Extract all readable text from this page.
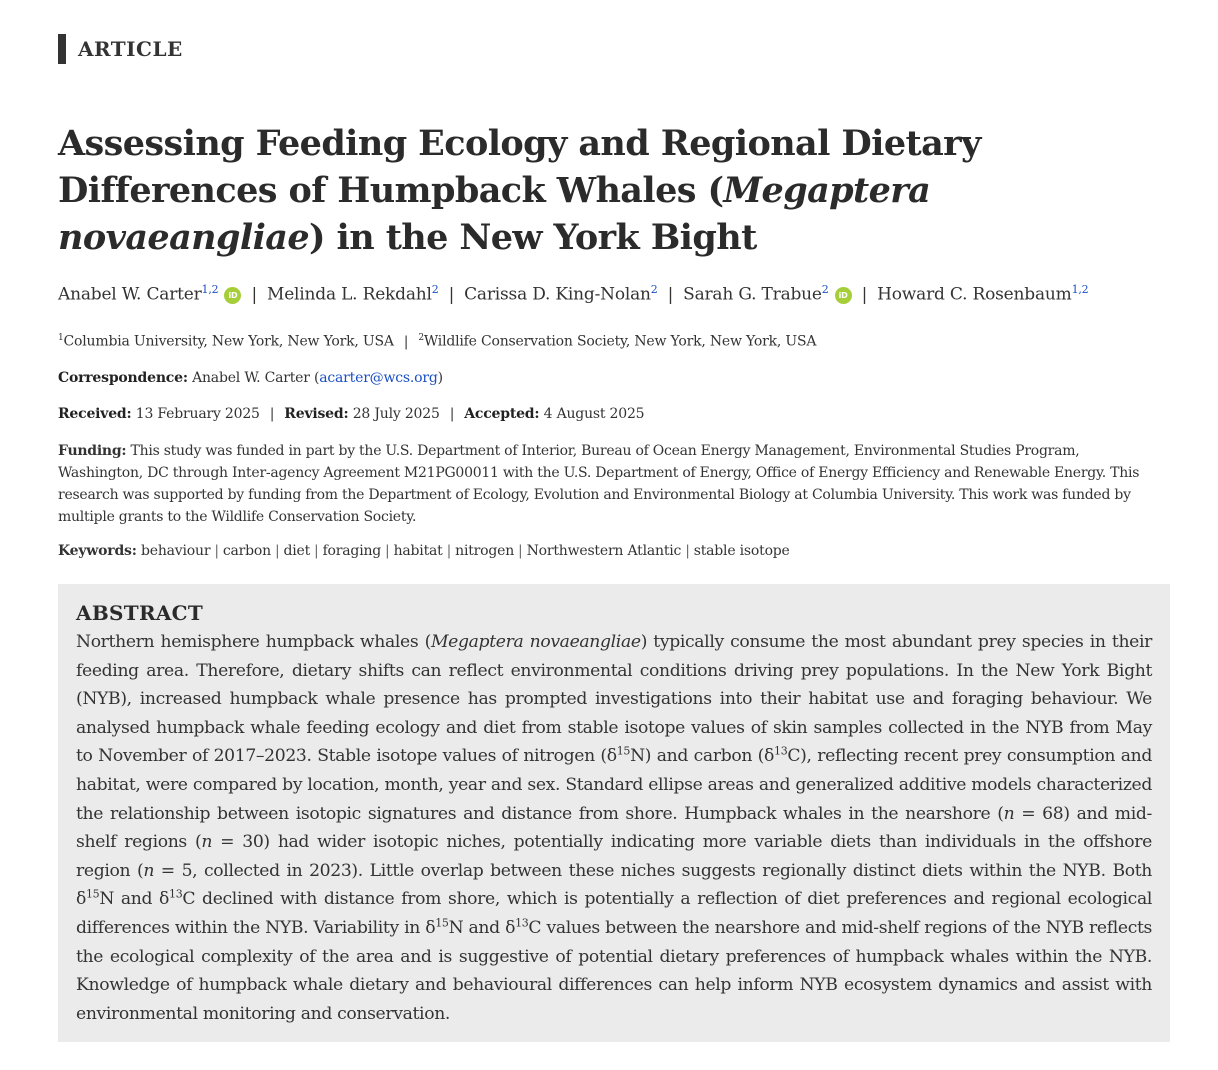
ARTICLE
Assessing Feeding Ecology and Regional Dietary Differences of Humpback Whales (Megaptera novaeangliae) in the New York Bight
Anabel W. Carter$^{1,2}$ iD | Melinda L. Rekdahl$^2$ | Carissa D. King-Nolan$^2$ | Sarah G. Trabue$^2$ iD | Howard C. Rosenbaum$^{1,2}$
$^1$Columbia University, New York, New York, USA | $^2$Wildlife Conservation Society, New York, New York, USA
Correspondence: Anabel W. Carter (acarter@wcs.org)
Received: 13 February 2025 | Revised: 28 July 2025 | Accepted: 4 August 2025
Funding: This study was funded in part by the U.S. Department of Interior, Bureau of Ocean Energy Management, Environmental Studies Program, Washington, DC through Inter-agency Agreement M21PG00011 with the U.S. Department of Energy, Office of Energy Efficiency and Renewable Energy. This research was supported by funding from the Department of Ecology, Evolution and Environmental Biology at Columbia University. This work was funded by multiple grants to the Wildlife Conservation Society.
Keywords: behaviour | carbon | diet | foraging | habitat | nitrogen | Northwestern Atlantic | stable isotope
ABSTRACT

Northern hemisphere humpback whales (Megaptera novaeangliae) typically consume the most abundant prey species in their feeding area. Therefore, dietary shifts can reflect environmental conditions driving prey populations. In the New York Bight (NYB), increased humpback whale presence has prompted investigations into their habitat use and foraging behaviour. We analysed humpback whale feeding ecology and diet from stable isotope values of skin samples collected in the NYB from May to November of 2017–2023. Stable isotope values of nitrogen $(\delta^{15}N)$ and carbon $(\delta^{13}C)$, reflecting recent prey consumption and habitat, were compared by location, month, year and sex. Standard ellipse areas and generalized additive models characterized the relationship between isotopic signatures and distance from shore. Humpback whales in the nearshore (n = 68) and mid-shelf regions (n = 30) had wider isotopic niches, potentially indicating more variable diets than individuals in the offshore region (n = 5, collected in 2023). Little overlap between these niches suggests regionally distinct diets within the NYB. Both $\delta^{15}N$ and $\delta^{13}C$ declined with distance from shore, which is potentially a reflection of diet preferences and regional ecological differences within the NYB. Variability in $\delta^{15}N$ and $\delta^{13}C$ values between the nearshore and mid-shelf regions of the NYB reflects the ecological complexity of the area and is suggestive of potential dietary preferences of humpback whales within the NYB. Knowledge of humpback whale dietary and behavioural differences can help inform NYB ecosystem dynamics and assist with environmental monitoring and conservation.
